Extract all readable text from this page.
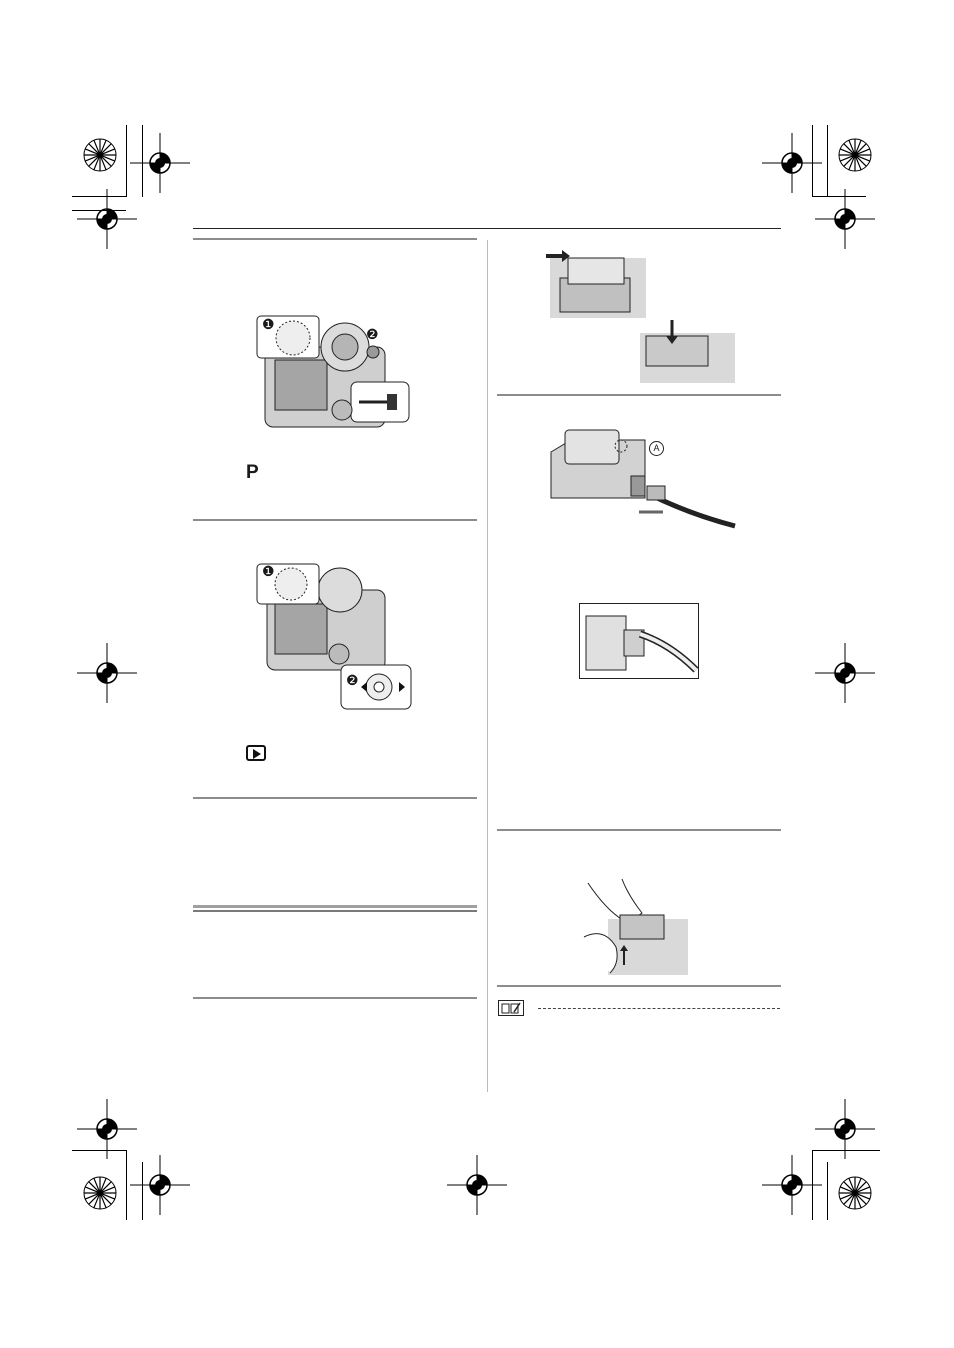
❶
❷
P
❶
❷
A
